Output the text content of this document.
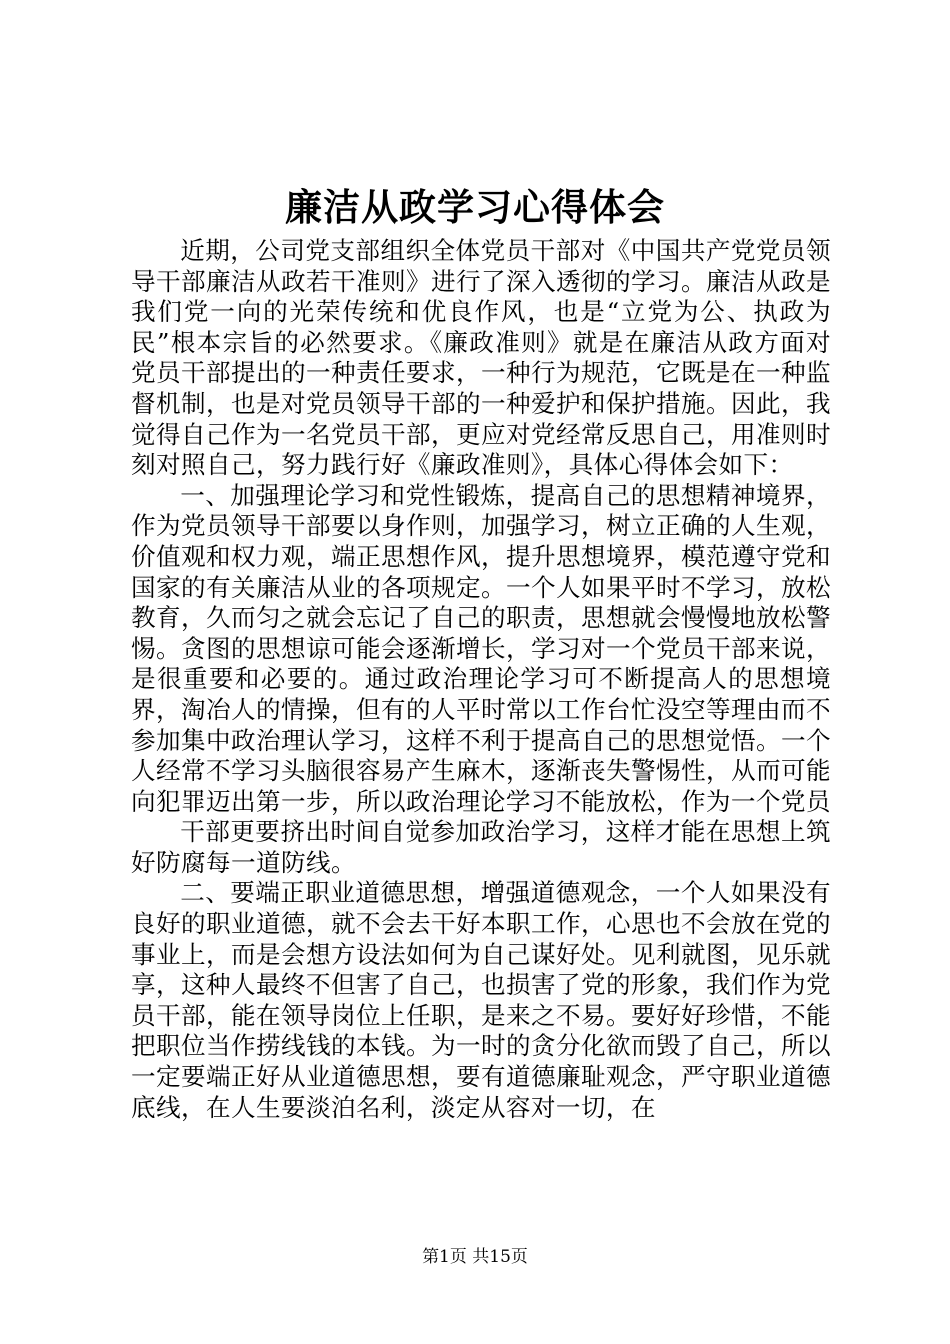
廉洁从政学习心得体会

近期，公司党支部组织全体党员干部对《中国共产党党员领导干部廉洁从政若干准则》进行了深入透彻的学习。廉洁从政是我们党一向的光荣传统和优良作风，也是“立党为公、执政为民”根本宗旨的必然要求。《廉政准则》就是在廉洁从政方面对党员干部提出的一种责任要求，一种行为规范，它既是在一种监督机制，也是对党员领导干部的一种爱护和保护措施。因此，我觉得自己作为一名党员干部，更应对党经常反思自己，用准则时刻对照自己，努力践行好《廉政准则》，具体心得体会如下：

一、加强理论学习和党性锻炼，提高自己的思想精神境界，作为党员领导干部要以身作则，加强学习，树立正确的人生观，价值观和权力观，端正思想作风，提升思想境界，模范遵守党和国家的有关廉洁从业的各项规定。一个人如果平时不学习，放松教育，久而匀之就会忘记了自己的职责，思想就会慢慢地放松警惕。贪图的思想谅可能会逐渐增长，学习对一个党员干部来说，是很重要和必要的。通过政治理论学习可不断提高人的思想境界，淘冶人的情操，但有的人平时常以工作台忙没空等理由而不参加集中政治理认学习，这样不利于提高自己的思想觉悟。一个人经常不学习头脑很容易产生麻木，逐渐丧失警惕性，从而可能向犯罪迈出第一步，所以政治理论学习不能放松，作为一个党员

干部更要挤出时间自觉参加政治学习，这样才能在思想上筑好防腐每一道防线。

二、要端正职业道德思想，增强道德观念，一个人如果没有良好的职业道德，就不会去干好本职工作，心思也不会放在党的事业上，而是会想方设法如何为自己谋好处。见利就图，见乐就享，这种人最终不但害了自己，也损害了党的形象，我们作为党员干部，能在领导岗位上任职，是来之不易。要好好珍惜，不能把职位当作捞线钱的本钱。为一时的贪分化欲而毁了自己，所以一定要端正好从业道德思想，要有道德廉耻观念，严守职业道德底线，在人生要淡泊名利，淡定从容对一切，在

第1页 共15页
